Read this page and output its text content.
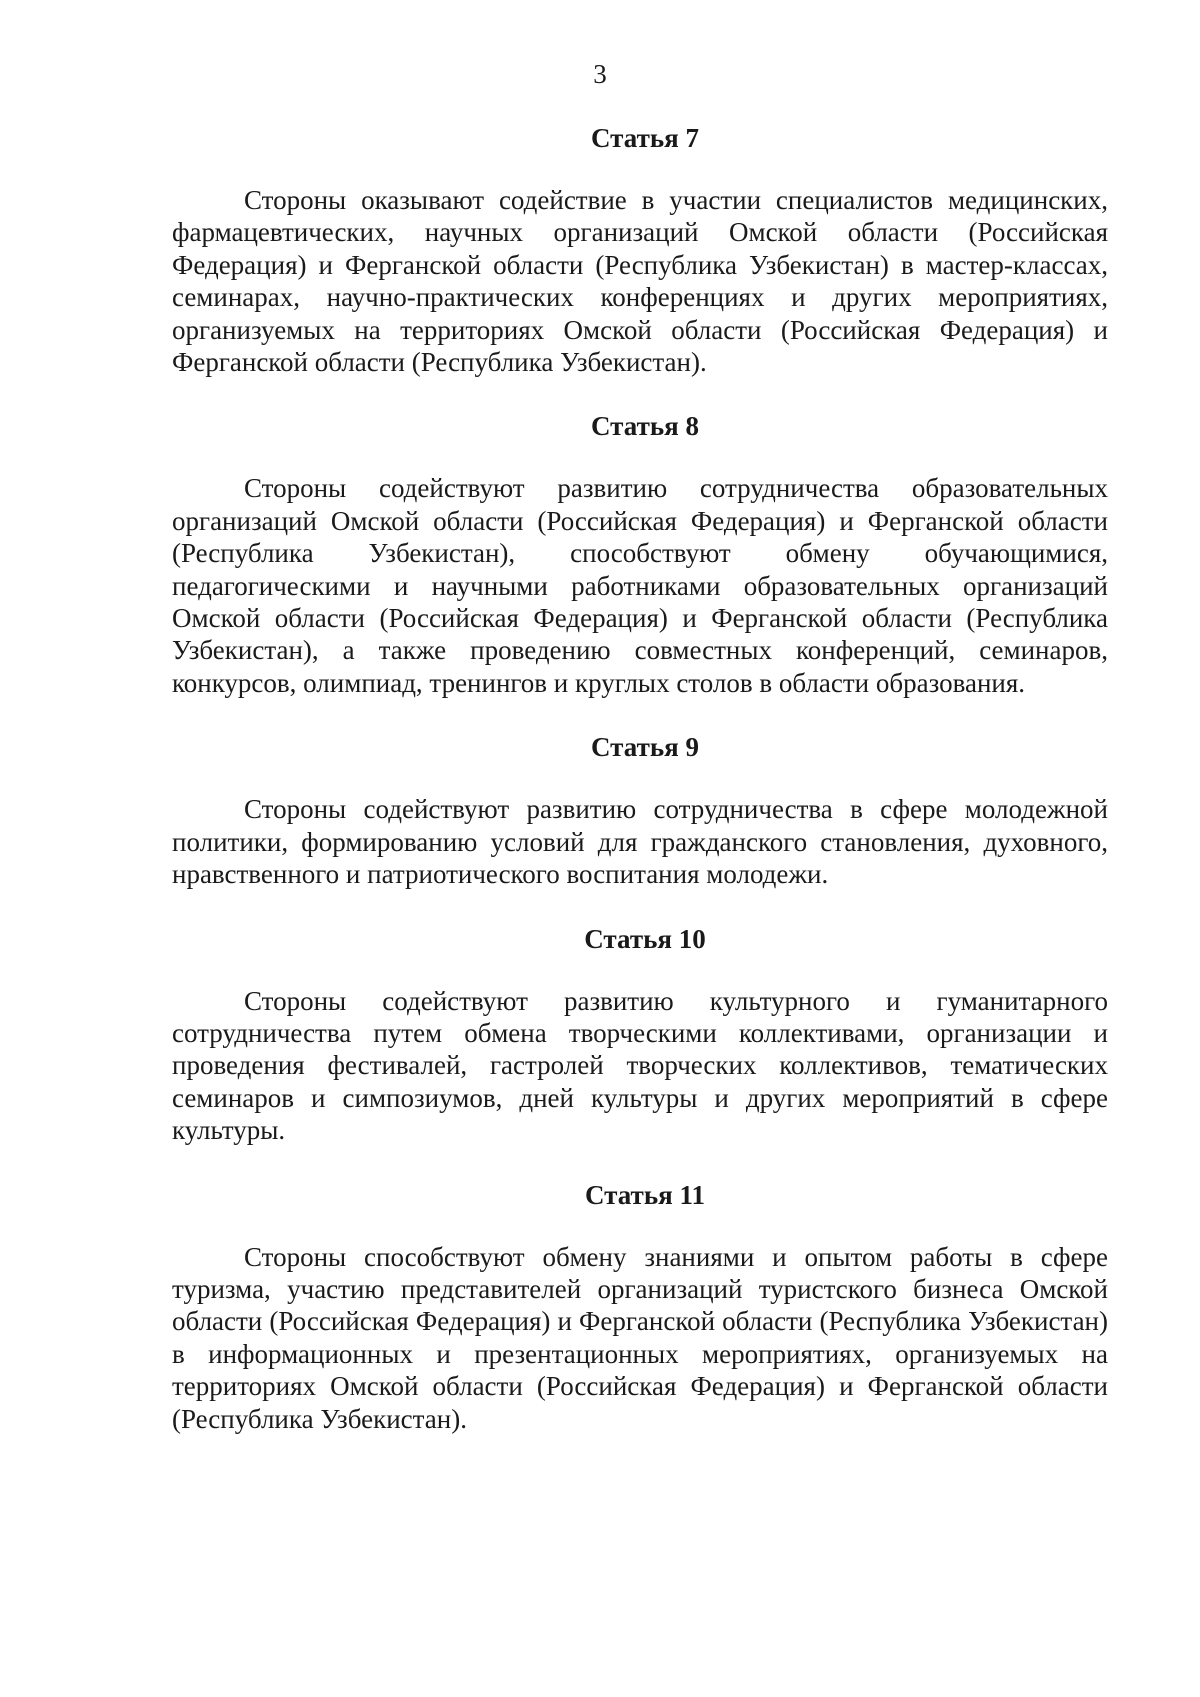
3
Статья 7

Стороны оказывают содействие в участии специалистов медицинских, фармацевтических, научных организаций Омской области (Российская Федерация) и Ферганской области (Республика Узбекистан) в мастер-классах, семинарах, научно-практических конференциях и других мероприятиях, организуемых на территориях Омской области (Российская Федерация) и Ферганской области (Республика Узбекистан).

Статья 8

Стороны содействуют развитию сотрудничества образовательных организаций Омской области (Российская Федерация) и Ферганской области (Республика Узбекистан), способствуют обмену обучающимися, педагогическими и научными работниками образовательных организаций Омской области (Российская Федерация) и Ферганской области (Республика Узбекистан), а также проведению совместных конференций, семинаров, конкурсов, олимпиад, тренингов и круглых столов в области образования.

Статья 9

Стороны содействуют развитию сотрудничества в сфере молодежной политики, формированию условий для гражданского становления, духовного, нравственного и патриотического воспитания молодежи.

Статья 10

Стороны содействуют развитию культурного и гуманитарного сотрудничества путем обмена творческими коллективами, организации и проведения фестивалей, гастролей творческих коллективов, тематических семинаров и симпозиумов, дней культуры и других мероприятий в сфере культуры.

Статья 11

Стороны способствуют обмену знаниями и опытом работы в сфере туризма, участию представителей организаций туристского бизнеса Омской области (Российская Федерация) и Ферганской области (Республика Узбекистан) в информационных и презентационных мероприятиях, организуемых на территориях Омской области (Российская Федерация) и Ферганской области (Республика Узбекистан).
